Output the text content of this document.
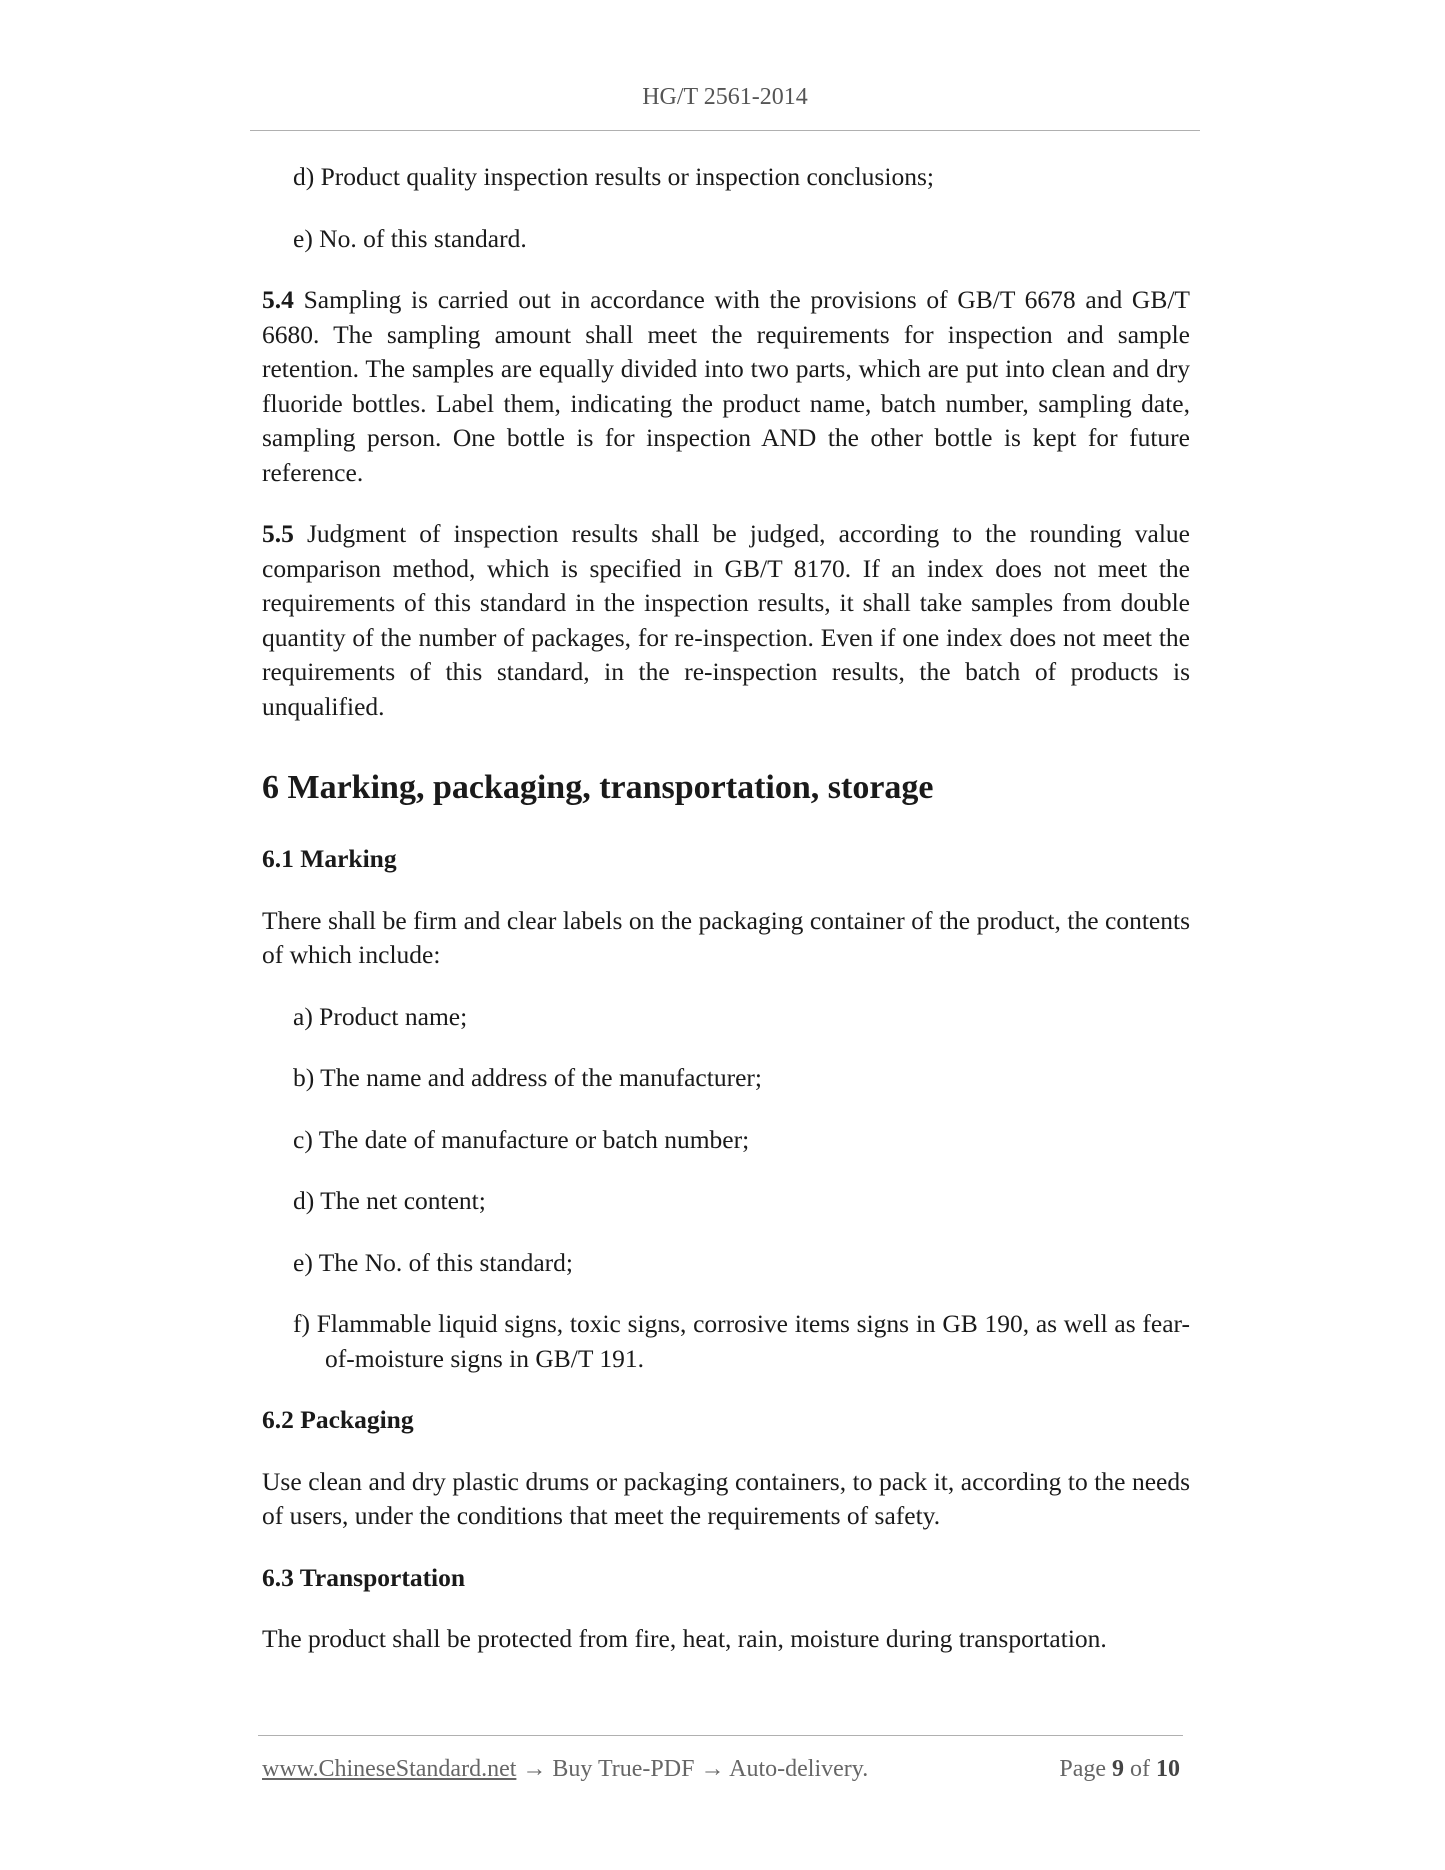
HG/T 2561-2014
d) Product quality inspection results or inspection conclusions;
e) No. of this standard.
5.4 Sampling is carried out in accordance with the provisions of GB/T 6678 and GB/T 6680. The sampling amount shall meet the requirements for inspection and sample retention. The samples are equally divided into two parts, which are put into clean and dry fluoride bottles. Label them, indicating the product name, batch number, sampling date, sampling person. One bottle is for inspection AND the other bottle is kept for future reference.
5.5 Judgment of inspection results shall be judged, according to the rounding value comparison method, which is specified in GB/T 8170. If an index does not meet the requirements of this standard in the inspection results, it shall take samples from double quantity of the number of packages, for re-inspection. Even if one index does not meet the requirements of this standard, in the re-inspection results, the batch of products is unqualified.
6 Marking, packaging, transportation, storage
6.1 Marking
There shall be firm and clear labels on the packaging container of the product, the contents of which include:
a) Product name;
b) The name and address of the manufacturer;
c) The date of manufacture or batch number;
d) The net content;
e) The No. of this standard;
f) Flammable liquid signs, toxic signs, corrosive items signs in GB 190, as well as fear-of-moisture signs in GB/T 191.
6.2 Packaging
Use clean and dry plastic drums or packaging containers, to pack it, according to the needs of users, under the conditions that meet the requirements of safety.
6.3 Transportation
The product shall be protected from fire, heat, rain, moisture during transportation.
www.ChineseStandard.net → Buy True-PDF → Auto-delivery.	Page 9 of 10
